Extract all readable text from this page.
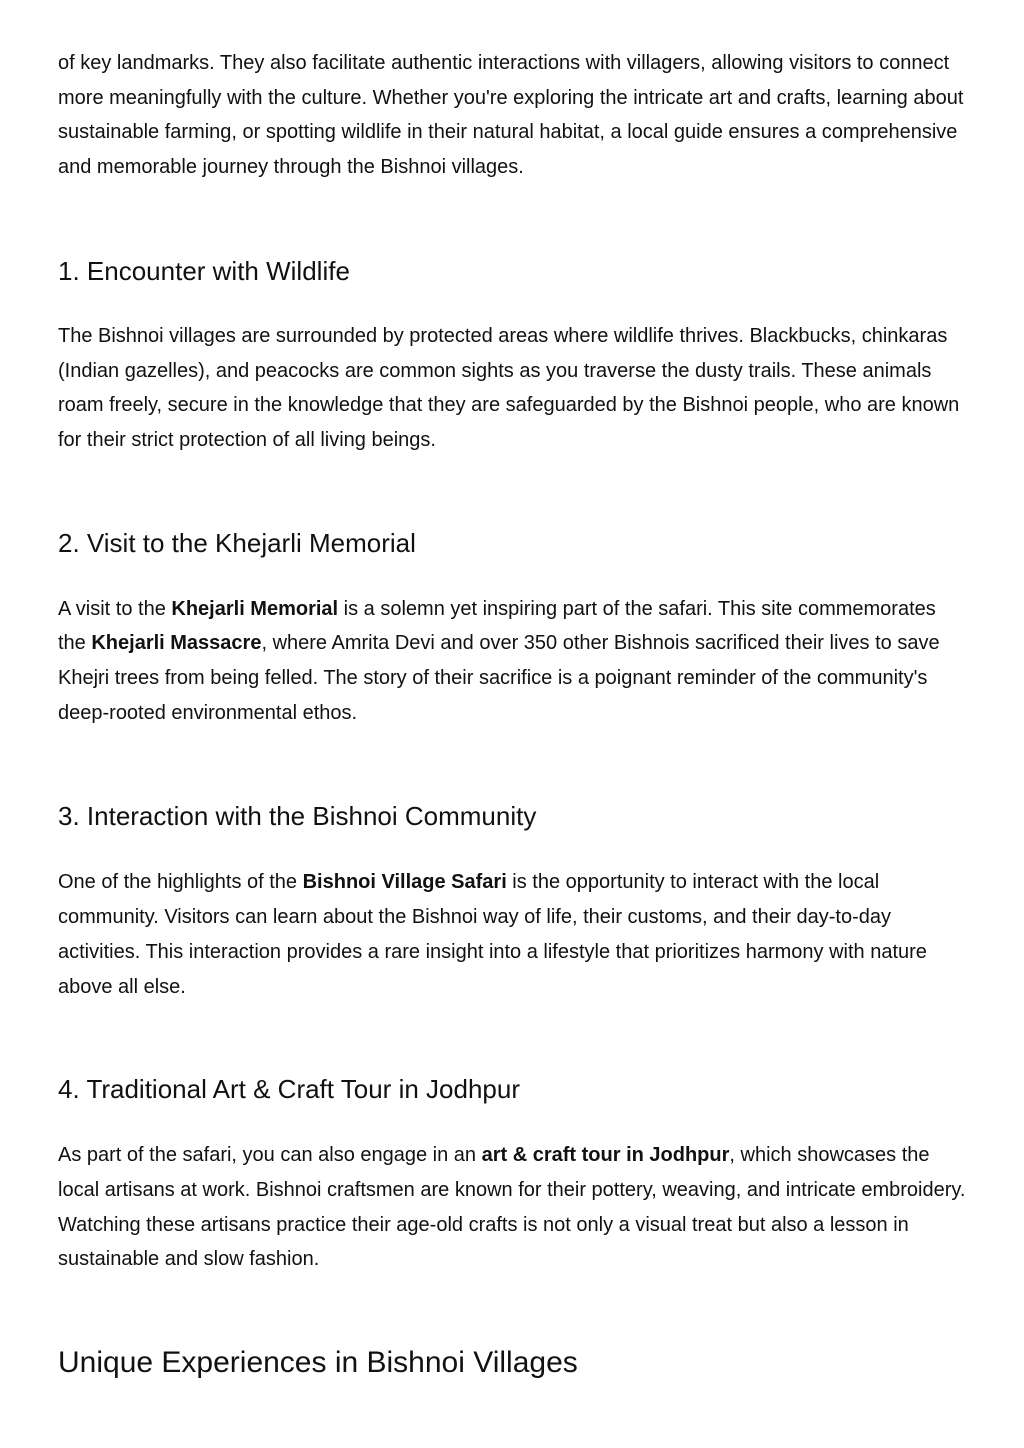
of key landmarks. They also facilitate authentic interactions with villagers, allowing visitors to connect more meaningfully with the culture. Whether you're exploring the intricate art and crafts, learning about sustainable farming, or spotting wildlife in their natural habitat, a local guide ensures a comprehensive and memorable journey through the Bishnoi villages.

1. Encounter with Wildlife

The Bishnoi villages are surrounded by protected areas where wildlife thrives. Blackbucks, chinkaras (Indian gazelles), and peacocks are common sights as you traverse the dusty trails. These animals roam freely, secure in the knowledge that they are safeguarded by the Bishnoi people, who are known for their strict protection of all living beings.

2. Visit to the Khejarli Memorial

A visit to the Khejarli Memorial is a solemn yet inspiring part of the safari. This site commemorates the Khejarli Massacre, where Amrita Devi and over 350 other Bishnois sacrificed their lives to save Khejri trees from being felled. The story of their sacrifice is a poignant reminder of the community's deep-rooted environmental ethos.

3. Interaction with the Bishnoi Community

One of the highlights of the Bishnoi Village Safari is the opportunity to interact with the local community. Visitors can learn about the Bishnoi way of life, their customs, and their day-to-day activities. This interaction provides a rare insight into a lifestyle that prioritizes harmony with nature above all else.

4. Traditional Art & Craft Tour in Jodhpur

As part of the safari, you can also engage in an art & craft tour in Jodhpur, which showcases the local artisans at work. Bishnoi craftsmen are known for their pottery, weaving, and intricate embroidery. Watching these artisans practice their age-old crafts is not only a visual treat but also a lesson in sustainable and slow fashion.

Unique Experiences in Bishnoi Villages
